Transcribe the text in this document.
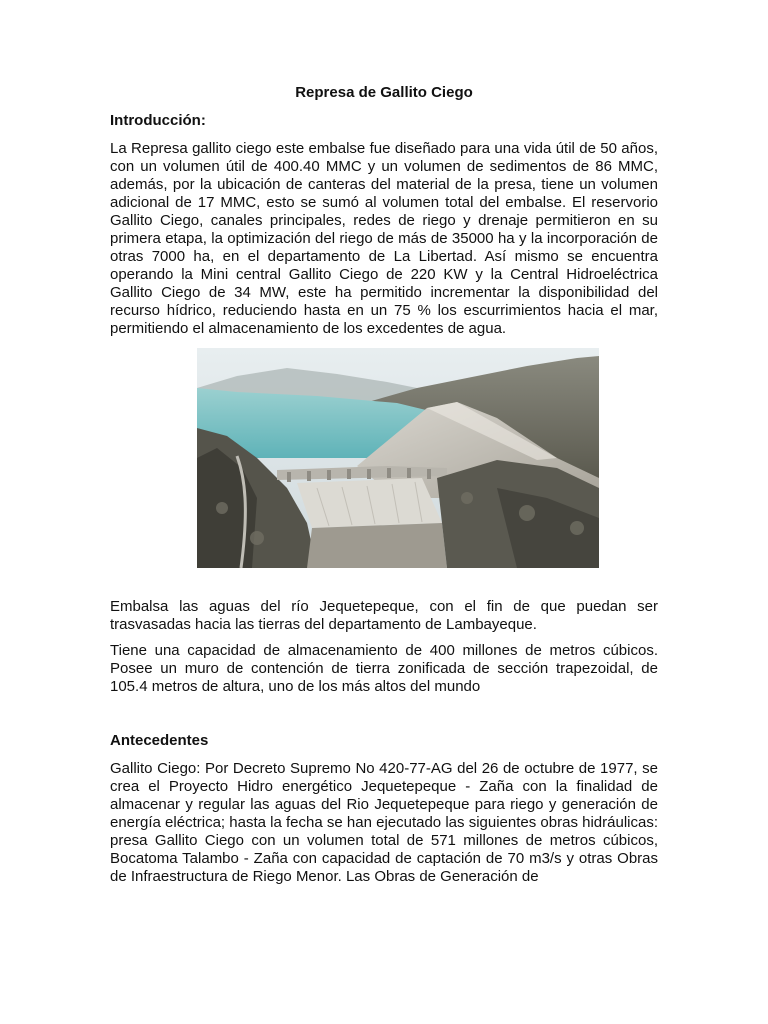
Represa de Gallito Ciego
Introducción:

La Represa gallito ciego este embalse fue diseñado para una vida útil de 50 años, con un volumen útil de 400.40 MMC y un volumen de sedimentos de 86 MMC, además, por la ubicación de canteras del material de la presa, tiene un volumen adicional de 17 MMC, esto se sumó al volumen total del embalse. El reservorio Gallito Ciego, canales principales, redes de riego y drenaje permitieron en su primera etapa, la optimización del riego de más de 35000 ha y la incorporación de otras 7000 ha, en el departamento de La Libertad. Así mismo se encuentra operando la Mini central Gallito Ciego de 220 KW y la Central Hidroeléctrica Gallito Ciego de 34 MW, este ha permitido incrementar la disponibilidad del recurso hídrico, reduciendo hasta en un 75 % los escurrimientos hacia el mar, permitiendo el almacenamiento de los excedentes de agua.

Embalsa las aguas del río Jequetepeque, con el fin de que puedan ser trasvasadas hacia las tierras del departamento de Lambayeque.

Tiene una capacidad de almacenamiento de 400 millones de metros cúbicos. Posee un muro de contención de tierra zonificada de sección trapezoidal, de 105.4 metros de altura, uno de los más altos del mundo

Antecedentes

Gallito Ciego: Por Decreto Supremo No 420-77-AG del 26 de octubre de 1977, se crea el Proyecto Hidro energético Jequetepeque - Zaña con la finalidad de almacenar y regular las aguas del Rio Jequetepeque para riego y generación de energía eléctrica; hasta la fecha se han ejecutado las siguientes obras hidráulicas: presa Gallito Ciego con un volumen total de 571 millones de metros cúbicos, Bocatoma Talambo - Zaña con capacidad de captación de 70 m3/s y otras Obras de Infraestructura de Riego Menor. Las Obras de Generación de
